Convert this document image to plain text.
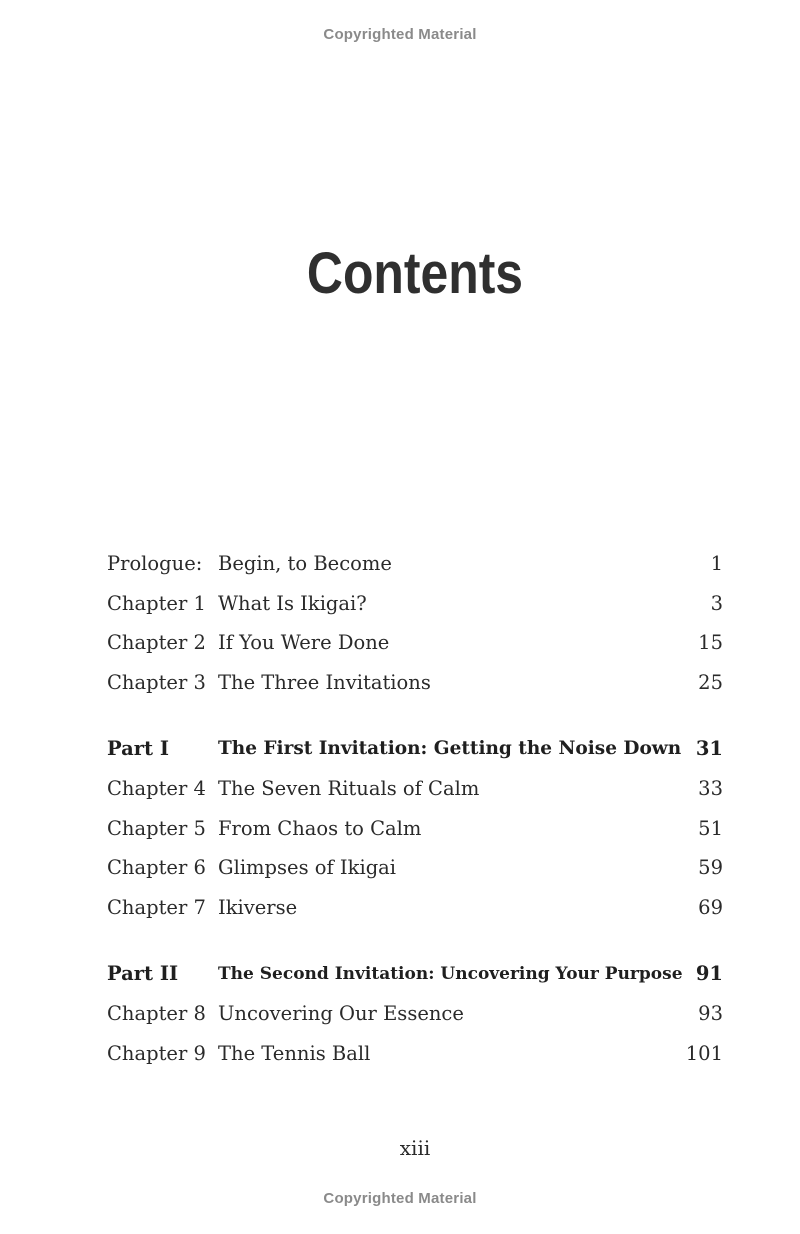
Copyrighted Material
Contents
Prologue: Begin, to Become	1
Chapter 1 What Is Ikigai?	3
Chapter 2 If You Were Done	15
Chapter 3 The Three Invitations	25
Part I	The First Invitation: Getting the Noise Down 31
Chapter 4 The Seven Rituals of Calm	33
Chapter 5 From Chaos to Calm	51
Chapter 6 Glimpses of Ikigai	59
Chapter 7 Ikiverse	69
Part II The Second Invitation: Uncovering Your Purpose 91
Chapter 8 Uncovering Our Essence	93
Chapter 9 The Tennis Ball	101
xiii
Copyrighted Material
